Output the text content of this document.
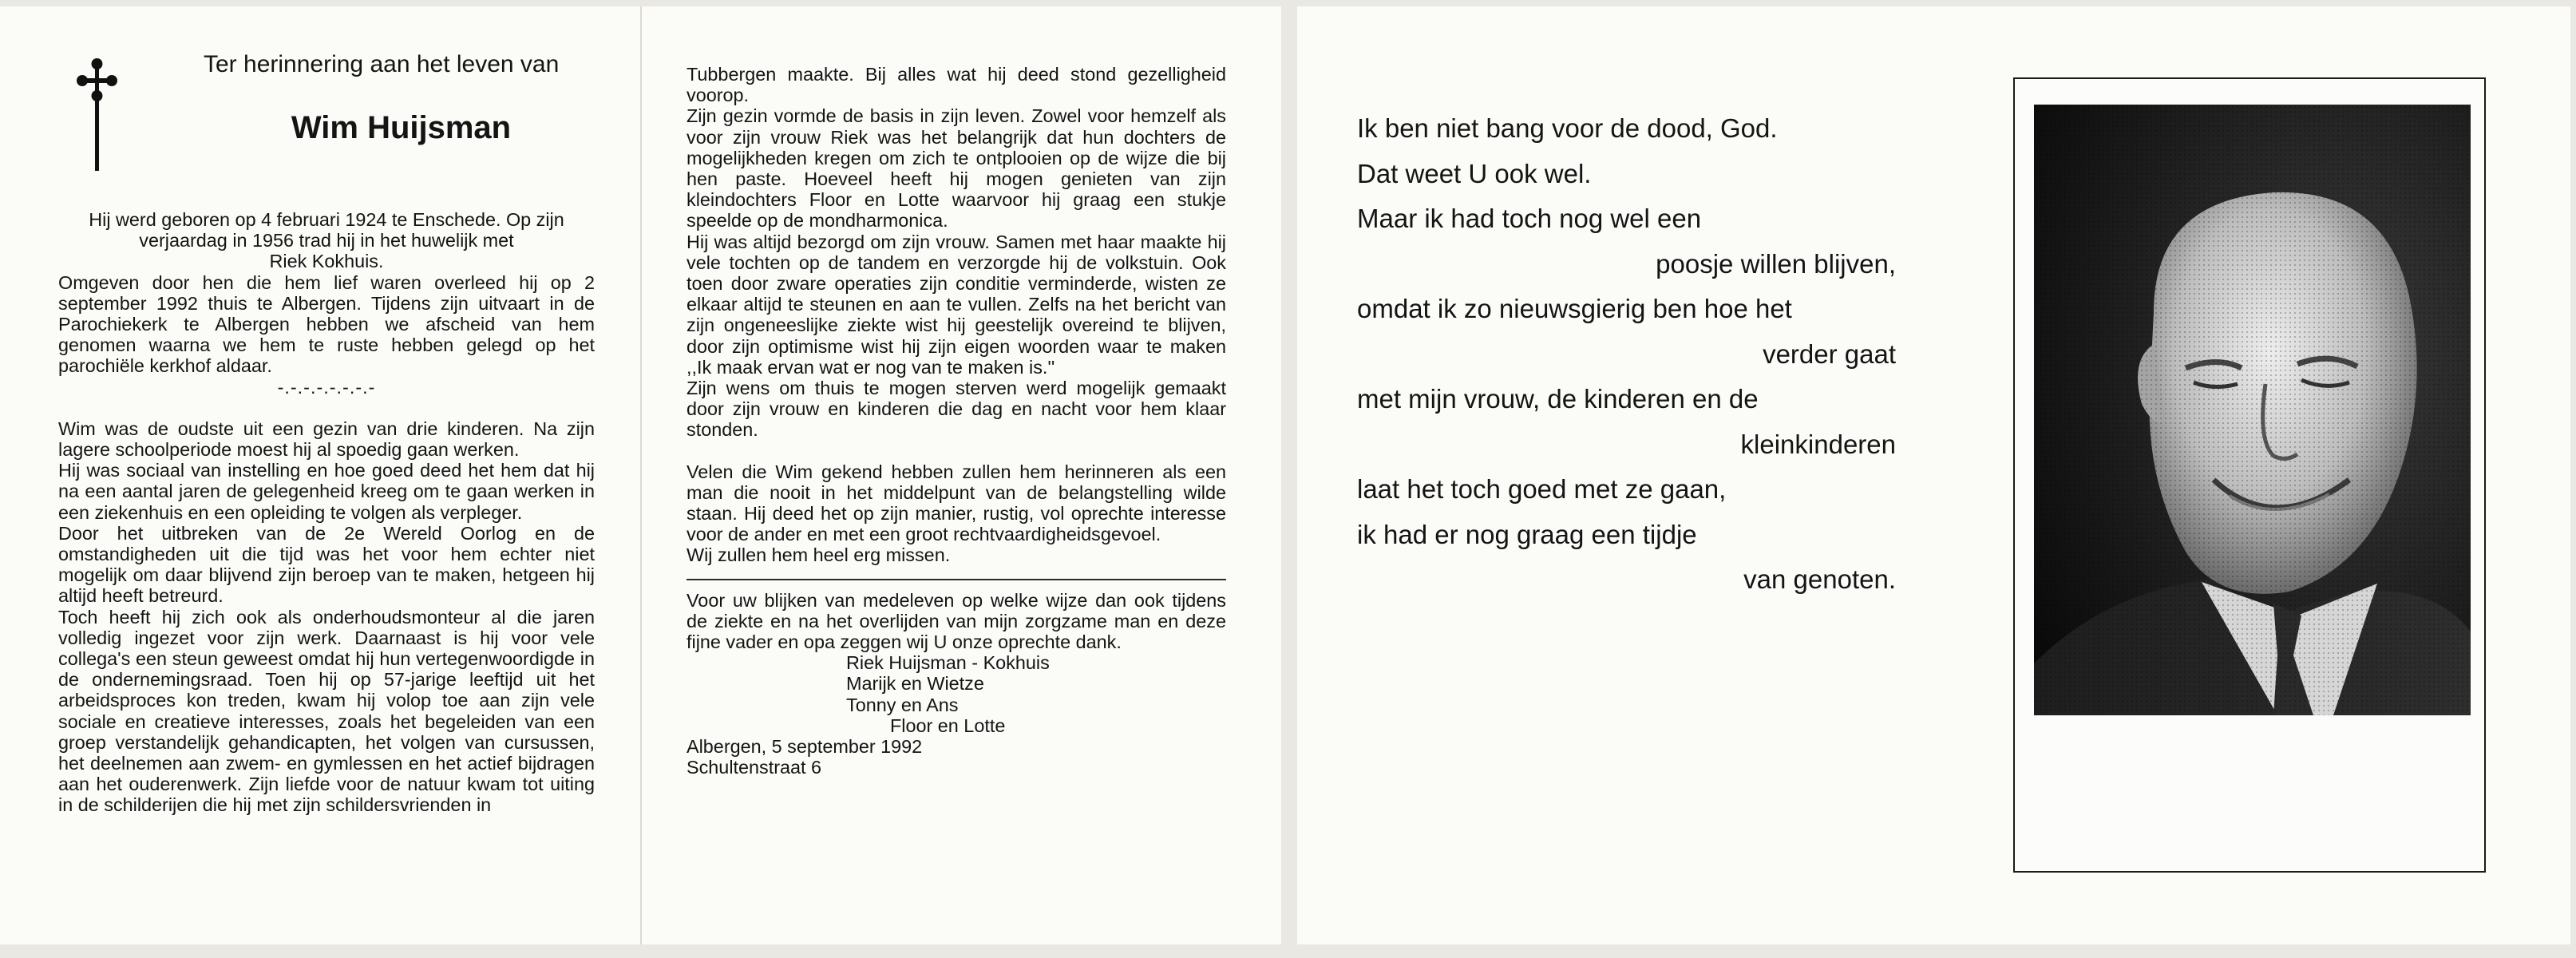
Ter herinnering aan het leven van
Wim Huijsman

Hij werd geboren op 4 februari 1924 te Enschede. Op zijn verjaardag in 1956 trad hij in het huwelijk met

Riek Kokhuis.

Omgeven door hen die hem lief waren overleed hij op 2 september 1992 thuis te Albergen. Tijdens zijn uitvaart in de Parochiekerk te Albergen hebben we afscheid van hem genomen waarna we hem te ruste hebben gelegd op het parochiële kerkhof aldaar.

-.-.-.-.-.-.-.-

Wim was de oudste uit een gezin van drie kinderen. Na zijn lagere schoolperiode moest hij al spoedig gaan werken.

Hij was sociaal van instelling en hoe goed deed het hem dat hij na een aantal jaren de gelegenheid kreeg om te gaan werken in een ziekenhuis en een opleiding te volgen als verpleger.

Door het uitbreken van de 2e Wereld Oorlog en de omstandigheden uit die tijd was het voor hem echter niet mogelijk om daar blijvend zijn beroep van te maken, hetgeen hij altijd heeft betreurd.

Toch heeft hij zich ook als onderhoudsmonteur al die jaren volledig ingezet voor zijn werk. Daarnaast is hij voor vele collega's een steun geweest omdat hij hun vertegenwoordigde in de ondernemingsraad. Toen hij op 57-jarige leeftijd uit het arbeidsproces kon treden, kwam hij volop toe aan zijn vele sociale en creatieve interesses, zoals het begeleiden van een groep verstandelijk gehandicapten, het volgen van cursussen, het deelnemen aan zwem- en gymlessen en het actief bijdragen aan het ouderenwerk. Zijn liefde voor de natuur kwam tot uiting in de schilderijen die hij met zijn schildersvrienden in

Tubbergen maakte. Bij alles wat hij deed stond gezelligheid voorop.

Zijn gezin vormde de basis in zijn leven. Zowel voor hemzelf als voor zijn vrouw Riek was het belangrijk dat hun dochters de mogelijkheden kregen om zich te ontplooien op de wijze die bij hen paste. Hoeveel heeft hij mogen genieten van zijn kleindochters Floor en Lotte waarvoor hij graag een stukje speelde op de mondharmonica.

Hij was altijd bezorgd om zijn vrouw. Samen met haar maakte hij vele tochten op de tandem en verzorgde hij de volkstuin. Ook toen door zware operaties zijn conditie verminderde, wisten ze elkaar altijd te steunen en aan te vullen. Zelfs na het bericht van zijn ongeneeslijke ziekte wist hij geestelijk overeind te blijven, door zijn optimisme wist hij zijn eigen woorden waar te maken ,,Ik maak ervan wat er nog van te maken is.''

Zijn wens om thuis te mogen sterven werd mogelijk gemaakt door zijn vrouw en kinderen die dag en nacht voor hem klaar stonden.

Velen die Wim gekend hebben zullen hem herinneren als een man die nooit in het middelpunt van de belangstelling wilde staan. Hij deed het op zijn manier, rustig, vol oprechte interesse voor de ander en met een groot rechtvaardigheidsgevoel.

Wij zullen hem heel erg missen.

Voor uw blijken van medeleven op welke wijze dan ook tijdens de ziekte en na het overlijden van mijn zorgzame man en deze fijne vader en opa zeggen wij U onze oprechte dank.

Riek Huijsman - Kokhuis

Marijk en Wietze

Tonny en Ans

Floor en Lotte

Albergen, 5 september 1992

Schultenstraat 6

Ik ben niet bang voor de dood, God.
Dat weet U ook wel.
Maar ik had toch nog wel een
poosje willen blijven,
omdat ik zo nieuwsgierig ben hoe het
verder gaat
met mijn vrouw, de kinderen en de
kleinkinderen
laat het toch goed met ze gaan,
ik had er nog graag een tijdje
van genoten.
